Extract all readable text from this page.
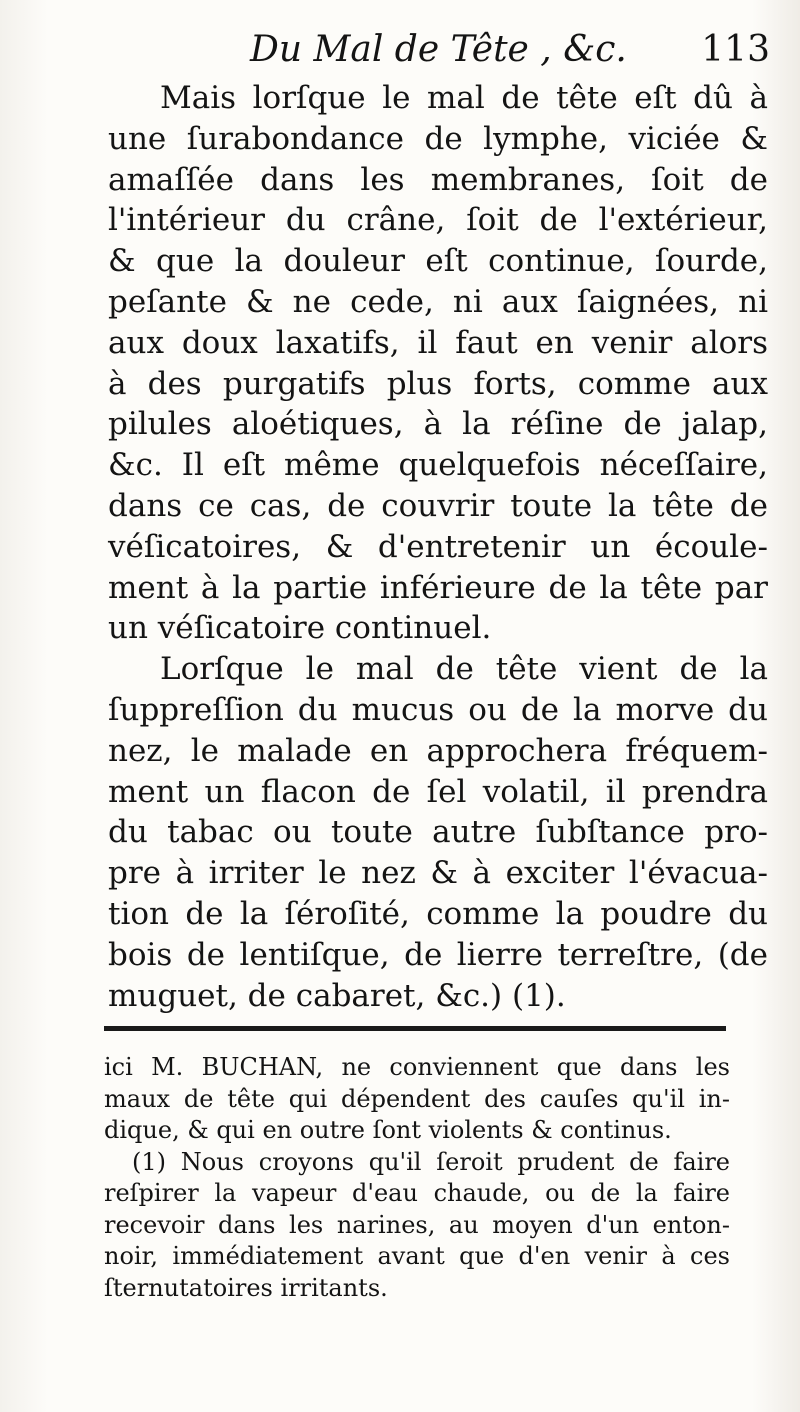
Du Mal de Tête , &c. 113
Mais lorſque le mal de tête eſt dû à
une ſurabondance de lymphe, viciée &
amaſſée dans les membranes, ſoit de
l'intérieur du crâne, ſoit de l'extérieur,
& que la douleur eſt continue, ſourde,
peſante & ne cede, ni aux ſaignées, ni
aux doux laxatifs, il faut en venir alors
à des purgatifs plus forts, comme aux
pilules aloétiques, à la réſine de jalap,
&c. Il eſt même quelquefois néceſſaire,
dans ce cas, de couvrir toute la tête de
véſicatoires, & d'entretenir un écoule-
ment à la partie inférieure de la tête par
un véſicatoire continuel.
Lorſque le mal de tête vient de la
ſuppreſſion du mucus ou de la morve du
nez, le malade en approchera fréquem-
ment un flacon de ſel volatil, il prendra
du tabac ou toute autre ſubſtance pro-
pre à irriter le nez & à exciter l'évacua-
tion de la ſéroſité, comme la poudre du
bois de lentiſque, de lierre terreſtre, (de
muguet, de cabaret, &c.) (1).
ici M. BUCHAN, ne conviennent que dans les
maux de tête qui dépendent des cauſes qu'il in-
dique, & qui en outre ſont violents & continus.
(1) Nous croyons qu'il ſeroit prudent de faire
reſpirer la vapeur d'eau chaude, ou de la faire
recevoir dans les narines, au moyen d'un enton-
noir, immédiatement avant que d'en venir à ces
ſternutatoires irritants.
